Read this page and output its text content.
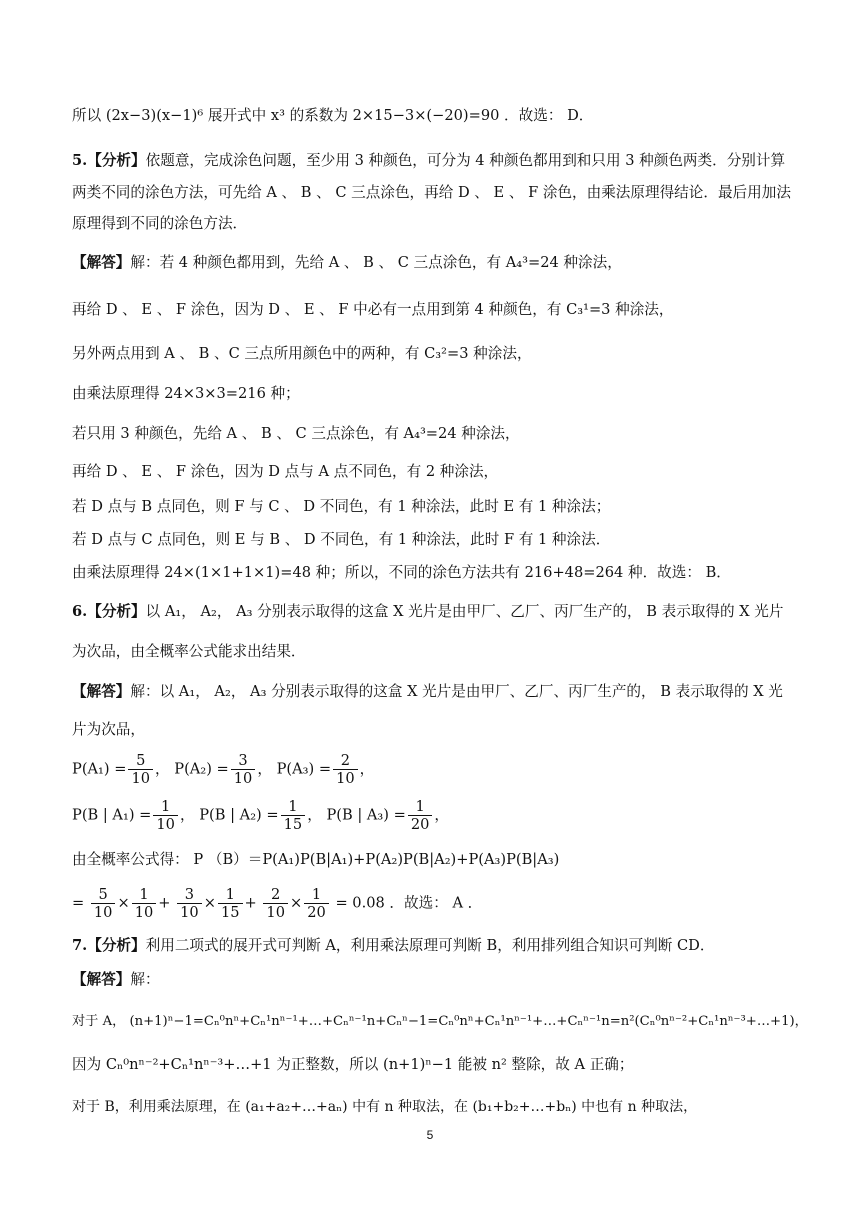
所以 (2x−3)(x−1)⁶ 展开式中 x³ 的系数为 2×15−3×(−20)=90 ．故选： D．
5.【分析】依题意，完成涂色问题，至少用 3 种颜色，可分为 4 种颜色都用到和只用 3 种颜色两类．分别计算
两类不同的涂色方法，可先给 A 、 B 、 C 三点涂色，再给 D 、 E 、 F 涂色，由乘法原理得结论．最后用加法
原理得到不同的涂色方法．
【解答】解：若 4 种颜色都用到，先给 A 、 B 、 C 三点涂色，有 A₄³=24 种涂法，
再给 D 、 E 、 F 涂色，因为 D 、 E 、 F 中必有一点用到第 4 种颜色，有 C₃¹=3 种涂法，
另外两点用到 A 、 B 、C 三点所用颜色中的两种，有 C₃²=3 种涂法，
由乘法原理得 24×3×3=216 种；
若只用 3 种颜色，先给 A 、 B 、 C 三点涂色，有 A₄³=24 种涂法，
再给 D 、 E 、 F 涂色，因为 D 点与 A 点不同色，有 2 种涂法，
若 D 点与 B 点同色，则 F 与 C 、 D 不同色，有 1 种涂法，此时 E 有 1 种涂法；
若 D 点与 C 点同色，则 E 与 B 、 D 不同色，有 1 种涂法，此时 F 有 1 种涂法．
由乘法原理得 24×(1×1+1×1)=48 种；所以，不同的涂色方法共有 216+48=264 种．故选： B．
6.【分析】以 A₁， A₂， A₃ 分别表示取得的这盒 X 光片是由甲厂、乙厂、丙厂生产的， B 表示取得的 X 光片
为次品，由全概率公式能求出结果．
【解答】解：以 A₁， A₂， A₃ 分别表示取得的这盒 X 光片是由甲厂、乙厂、丙厂生产的， B 表示取得的 X 光
片为次品，
$P(A_1) = \frac{5}{10}$ ， $P(A_2) = \frac{3}{10}$ ， $P(A_3) = \frac{2}{10}$ ，
P(B | $A_1) = \frac{1}{10}$ ， P(B | $A_2) = \frac{1}{15}$ ， P(B | $A_3) = \frac{1}{20}$ ，
由全概率公式得： P （B）＝P(A₁)P(B|A₁)+P(A₂)P(B|A₂)+P(A₃)P(B|A₃)
= $\frac{5}{10} \times \frac{1}{10} + \frac{3}{10} \times \frac{1}{15} + \frac{2}{10} \times \frac{1}{20} = 0.08$ ．故选： A ．
7.【分析】利用二项式的展开式可判断 A，利用乘法原理可判断 B，利用排列组合知识可判断 CD．
【解答】解：
对于 A， (n+1)ⁿ−1=Cₙ⁰nⁿ+Cₙ¹nⁿ⁻¹+…+Cₙⁿ⁻¹n+Cₙⁿ−1=Cₙ⁰nⁿ+Cₙ¹nⁿ⁻¹+…+Cₙⁿ⁻¹n=n²(Cₙ⁰nⁿ⁻²+Cₙ¹nⁿ⁻³+…+1)，
因为 Cₙ⁰nⁿ⁻²+Cₙ¹nⁿ⁻³+…+1 为正整数，所以 (n+1)ⁿ−1 能被 n² 整除，故 A 正确；
对于 B，利用乘法原理，在 (a₁+a₂+…+aₙ) 中有 n 种取法，在 (b₁+b₂+…+bₙ) 中也有 n 种取法，
5
